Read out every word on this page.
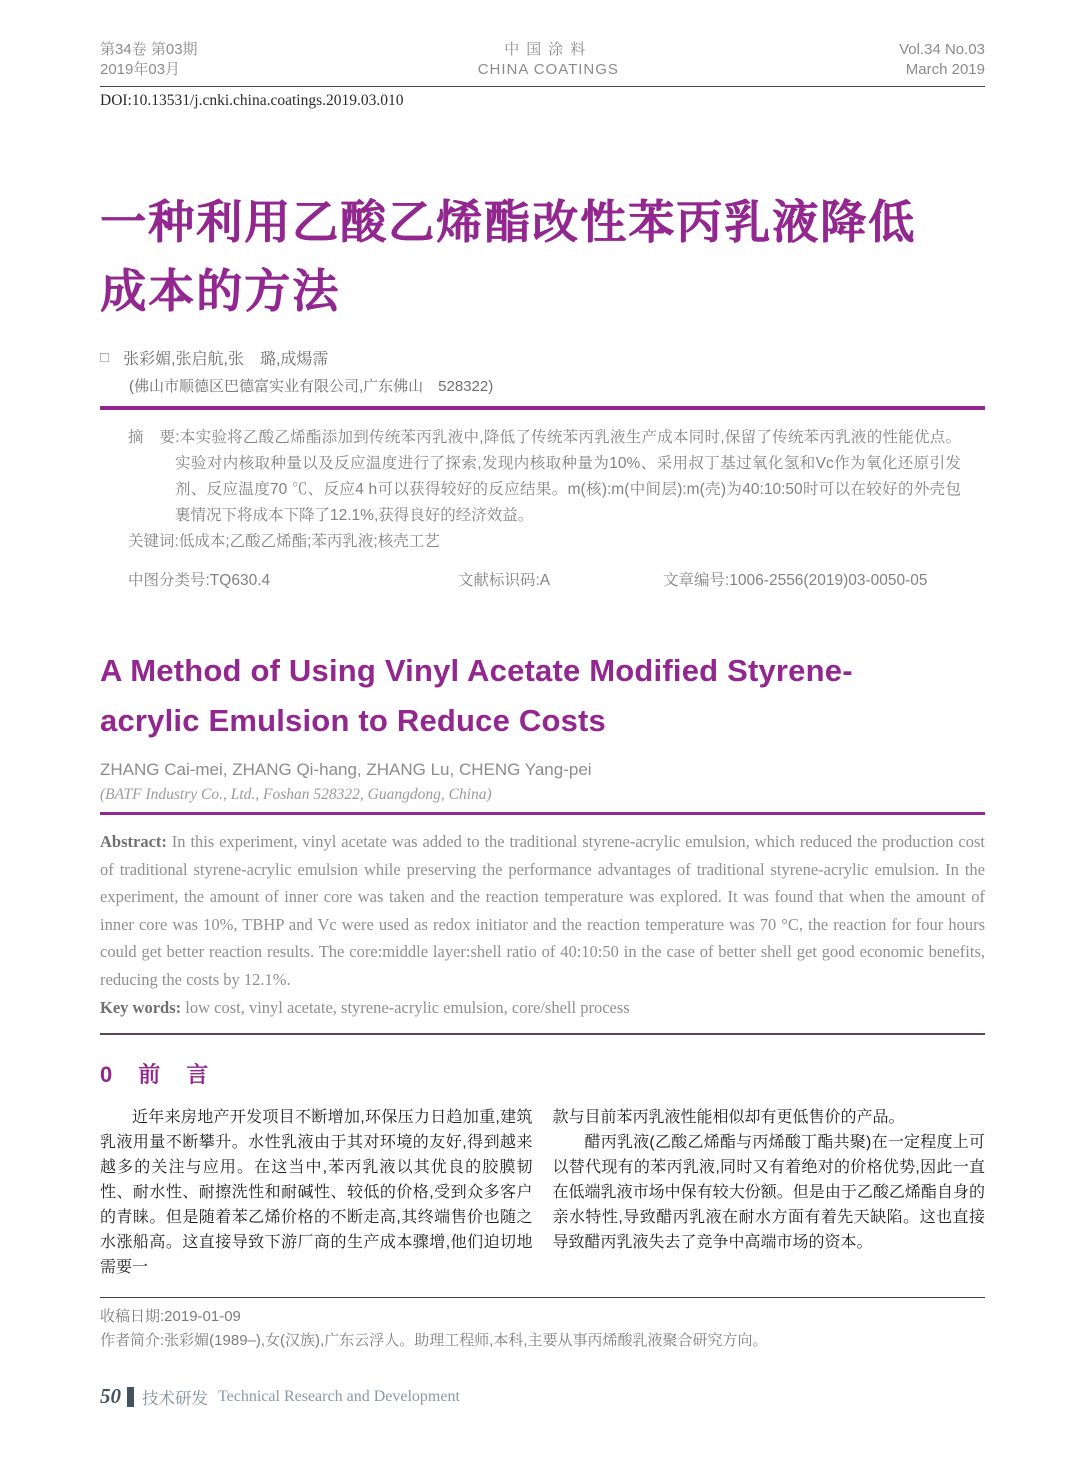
第34卷 第03期
2019年03月
中国涂料
CHINA COATINGS
Vol.34 No.03
March 2019
DOI:10.13531/j.cnki.china.coatings.2019.03.010
一种利用乙酸乙烯酯改性苯丙乳液降低成本的方法
□ 张彩媚,张启航,张　璐,成煬霈
(佛山市顺德区巴德富实业有限公司,广东佛山　528322)
摘　要:本实验将乙酸乙烯酯添加到传统苯丙乳液中,降低了传统苯丙乳液生产成本同时,保留了传统苯丙乳液的性能优点。实验对内核取种量以及反应温度进行了探索,发现内核取种量为10%、采用叔丁基过氧化氢和Vc作为氧化还原引发剂、反应温度70 ℃、反应4 h可以获得较好的反应结果。m(核):m(中间层):m(壳)为40:10:50时可以在较好的外壳包裹情况下将成本下降了12.1%,获得良好的经济效益。
关键词:低成本;乙酸乙烯酯;苯丙乳液;核壳工艺
中图分类号:TQ630.4	文献标识码:A	文章编号:1006-2556(2019)03-0050-05
A Method of Using Vinyl Acetate Modified Styrene-acrylic Emulsion to Reduce Costs
ZHANG Cai-mei, ZHANG Qi-hang, ZHANG Lu, CHENG Yang-pei
(BATF Industry Co., Ltd., Foshan 528322, Guangdong, China)
Abstract: In this experiment, vinyl acetate was added to the traditional styrene-acrylic emulsion, which reduced the production cost of traditional styrene-acrylic emulsion while preserving the performance advantages of traditional styrene-acrylic emulsion. In the experiment, the amount of inner core was taken and the reaction temperature was explored. It was found that when the amount of inner core was 10%, TBHP and Vc were used as redox initiator and the reaction temperature was 70 °C, the reaction for four hours could get better reaction results. The core:middle layer:shell ratio of 40:10:50 in the case of better shell get good economic benefits, reducing the costs by 12.1%.
Key words: low cost, vinyl acetate, styrene-acrylic emulsion, core/shell process
0　前　言

近年来房地产开发项目不断增加,环保压力日趋加重,建筑乳液用量不断攀升。水性乳液由于其对环境的友好,得到越来越多的关注与应用。在这当中,苯丙乳液以其优良的胶膜韧性、耐水性、耐擦洗性和耐碱性、较低的价格,受到众多客户的青睐。但是随着苯乙烯价格的不断走高,其终端售价也随之水涨船高。这直接导致下游厂商的生产成本骤增,他们迫切地需要一

款与目前苯丙乳液性能相似却有更低售价的产品。

醋丙乳液(乙酸乙烯酯与丙烯酸丁酯共聚)在一定程度上可以替代现有的苯丙乳液,同时又有着绝对的价格优势,因此一直在低端乳液市场中保有较大份额。但是由于乙酸乙烯酯自身的亲水特性,导致醋丙乳液在耐水方面有着先天缺陷。这也直接导致醋丙乳液失去了竞争中高端市场的资本。

收稿日期:2019-01-09
作者简介:张彩媚(1989–),女(汉族),广东云浮人。助理工程师,本科,主要从事丙烯酸乳液聚合研究方向。
50 技术研发 Technical Research and Development
